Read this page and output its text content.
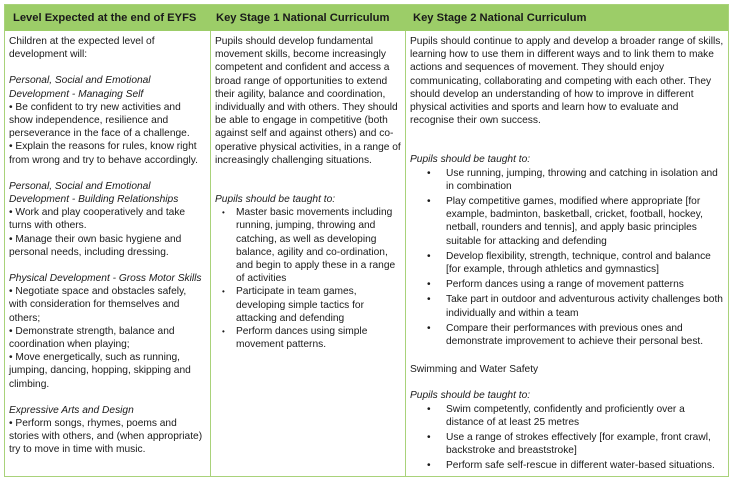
Level Expected at the end of EYFS Key Stage 1 National Curriculum Key Stage 2 National Curriculum

Children at the expected level of development will:

Personal, Social and Emotional Development - Managing Self

• Be confident to try new activities and show independence, resilience and perseverance in the face of a challenge.

• Explain the reasons for rules, know right from wrong and try to behave accordingly.

Personal, Social and Emotional Development - Building Relationships

• Work and play cooperatively and take turns with others.

• Manage their own basic hygiene and personal needs, including dressing.

Physical Development - Gross Motor Skills

• Negotiate space and obstacles safely, with consideration for themselves and others;

• Demonstrate strength, balance and coordination when playing;

• Move energetically, such as running, jumping, dancing, hopping, skipping and climbing.

Expressive Arts and Design

• Perform songs, rhymes, poems and stories with others, and (when appropriate) try to move in time with music.

Pupils should develop fundamental movement skills, become increasingly competent and confident and access a broad range of opportunities to extend their agility, balance and coordination, individually and with others. They should be able to engage in competitive (both against self and against others) and co-operative physical activities, in a range of increasingly challenging situations.

Pupils should be taught to:

• Master basic movements including running, jumping, throwing and catching, as well as developing balance, agility and co-ordination, and begin to apply these in a range of activities
• Participate in team games, developing simple tactics for attacking and defending
• Perform dances using simple movement patterns.

Pupils should continue to apply and develop a broader range of skills, learning how to use them in different ways and to link them to make actions and sequences of movement. They should enjoy communicating, collaborating and competing with each other. They should develop an understanding of how to improve in different physical activities and sports and learn how to evaluate and recognise their own success.

Pupils should be taught to:

• Use running, jumping, throwing and catching in isolation and in combination
• Play competitive games, modified where appropriate [for example, badminton, basketball, cricket, football, hockey, netball, rounders and tennis], and apply basic principles suitable for attacking and defending
• Develop flexibility, strength, technique, control and balance [for example, through athletics and gymnastics]
• Perform dances using a range of movement patterns
• Take part in outdoor and adventurous activity challenges both individually and within a team
• Compare their performances with previous ones and demonstrate improvement to achieve their personal best.

Swimming and Water Safety

Pupils should be taught to:

• Swim competently, confidently and proficiently over a distance of at least 25 metres
• Use a range of strokes effectively [for example, front crawl, backstroke and breaststroke]
• Perform safe self-rescue in different water-based situations.
